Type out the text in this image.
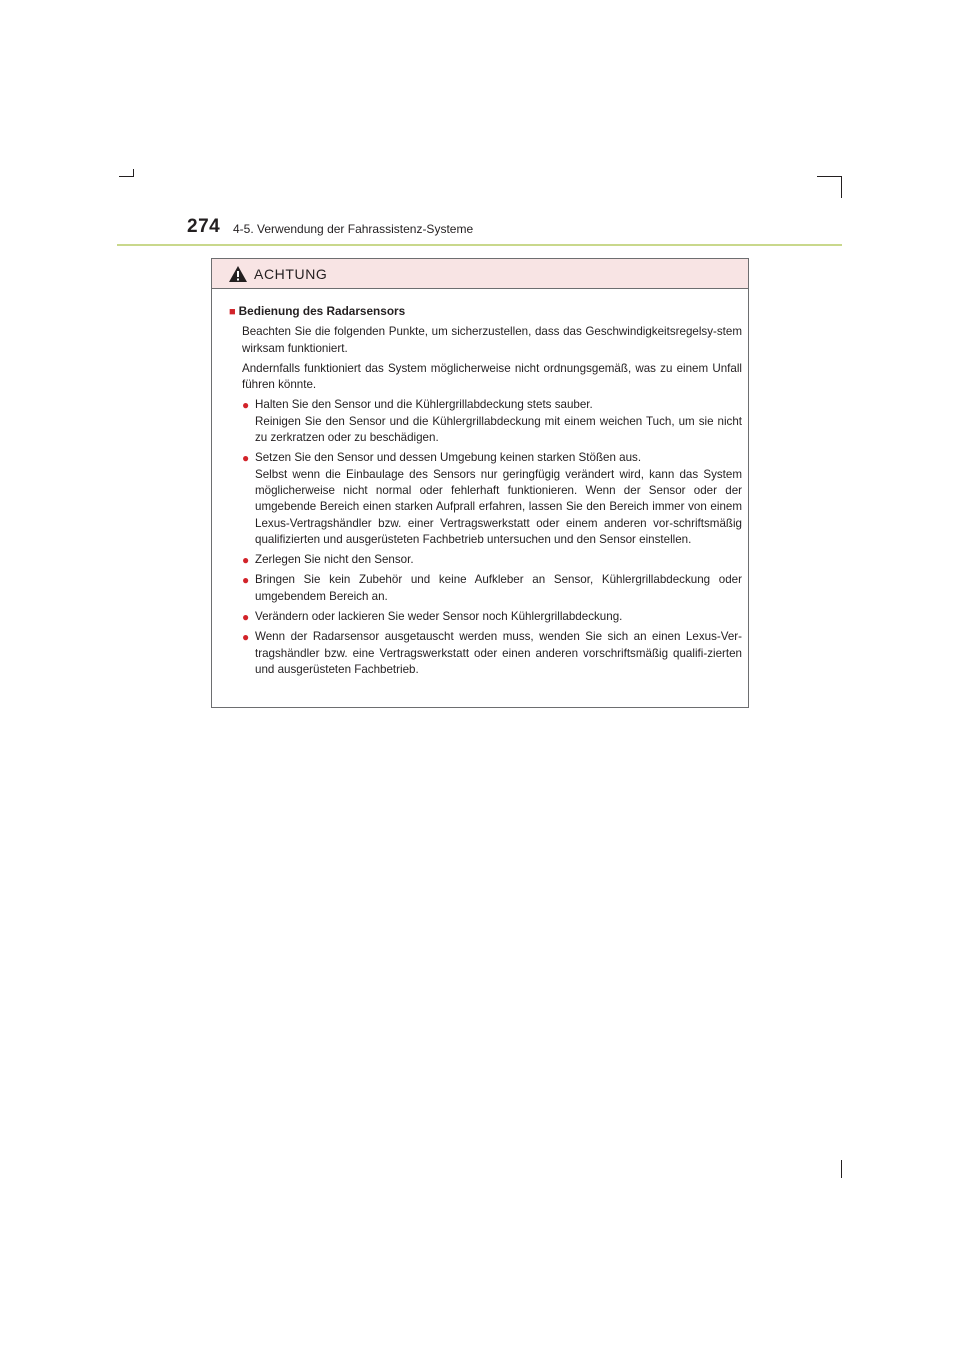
274 4-5. Verwendung der Fahrassistenz-Systeme
ACHTUNG
■ Bedienung des Radarsensors
Beachten Sie die folgenden Punkte, um sicherzustellen, dass das Geschwindigkeitsregelsy-stem wirksam funktioniert.
Andernfalls funktioniert das System möglicherweise nicht ordnungsgemäß, was zu einem Unfall führen könnte.
● Halten Sie den Sensor und die Kühlergrillabdeckung stets sauber.
Reinigen Sie den Sensor und die Kühlergrillabdeckung mit einem weichen Tuch, um sie nicht zu zerkratzen oder zu beschädigen.
● Setzen Sie den Sensor und dessen Umgebung keinen starken Stößen aus.
Selbst wenn die Einbaulage des Sensors nur geringfügig verändert wird, kann das System möglicherweise nicht normal oder fehlerhaft funktionieren. Wenn der Sensor oder der umgebende Bereich einen starken Aufprall erfahren, lassen Sie den Bereich immer von einem Lexus-Vertragshändler bzw. einer Vertragswerkstatt oder einem anderen vor-schriftsmäßig qualifizierten und ausgerüsteten Fachbetrieb untersuchen und den Sensor einstellen.
● Zerlegen Sie nicht den Sensor.
● Bringen Sie kein Zubehör und keine Aufkleber an Sensor, Kühlergrillabdeckung oder umgebendem Bereich an.
● Verändern oder lackieren Sie weder Sensor noch Kühlergrillabdeckung.
● Wenn der Radarsensor ausgetauscht werden muss, wenden Sie sich an einen Lexus-Ver-tragshändler bzw. eine Vertragswerkstatt oder einen anderen vorschriftsmäßig qualifi-zierten und ausgerüsteten Fachbetrieb.
